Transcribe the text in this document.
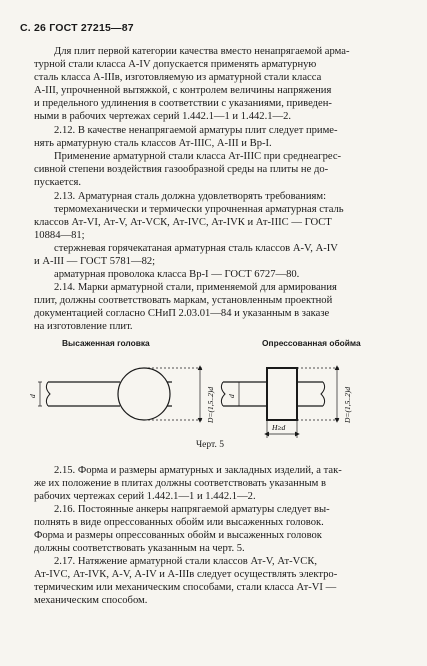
С. 26 ГОСТ 27215—87
Для плит первой категории качества вместо ненапрягаемой арма-
турной стали класса А-IV допускается применять арматурную
сталь класса А-IIIв, изготовляемую из арматурной стали класса
А-III, упрочненной вытяжкой, с контролем величины напряжения
и предельного удлинения в соответствии с указаниями, приведен-
ными в рабочих чертежах серий 1.442.1—1 и 1.442.1—2.
2.12. В качестве ненапрягаемой арматуры плит следует приме-
нять арматурную сталь классов Ат-IIIС, А-III и Вр-I.
Применение арматурной стали класса Ат-IIIС при среднеагрес-
сивной степени воздействия газообразной среды на плиты не до-
пускается.
2.13. Арматурная сталь должна удовлетворять требованиям:
термомеханически и термически упрочненная арматурная сталь
классов Ат-VI, Ат-V, Ат-VСК, Ат-IVC, Ат-IVК и Ат-IIIС — ГОСТ
10884—81;
стержневая горячекатаная арматурная сталь классов А-V, А-IV
и А-III — ГОСТ 5781—82;
арматурная проволока класса Вр-I — ГОСТ 6727—80.
2.14. Марки арматурной стали, применяемой для армирования
плит, должны соответствовать маркам, установленным проектной
документацией согласно СНиП 2.03.01—84 и указанным в заказе
на изготовление плит.
Высаженная головка	Опрессованная обойма
d	D=(1,5..2)d d	D=(1,5..2)d
H≥d
Черт. 5
2.15. Форма и размеры арматурных и закладных изделий, а так-
же их положение в плитах должны соответствовать указанным в
рабочих чертежах серий 1.442.1—1 и 1.442.1—2.
2.16. Постоянные анкеры напрягаемой арматуры следует вы-
полнять в виде опрессованных обойм или высаженных головок.
Форма и размеры опрессованных обойм и высаженных головок
должны соответствовать указанным на черт. 5.
2.17. Натяжение арматурной стали классов Ат-V, Ат-VСК,
Ат-IVC, Ат-IVК, А-V, А-IV и А-IIIв следует осуществлять электро-
термическим или механическим способами, стали класса Ат-VI —
механическим способом.
